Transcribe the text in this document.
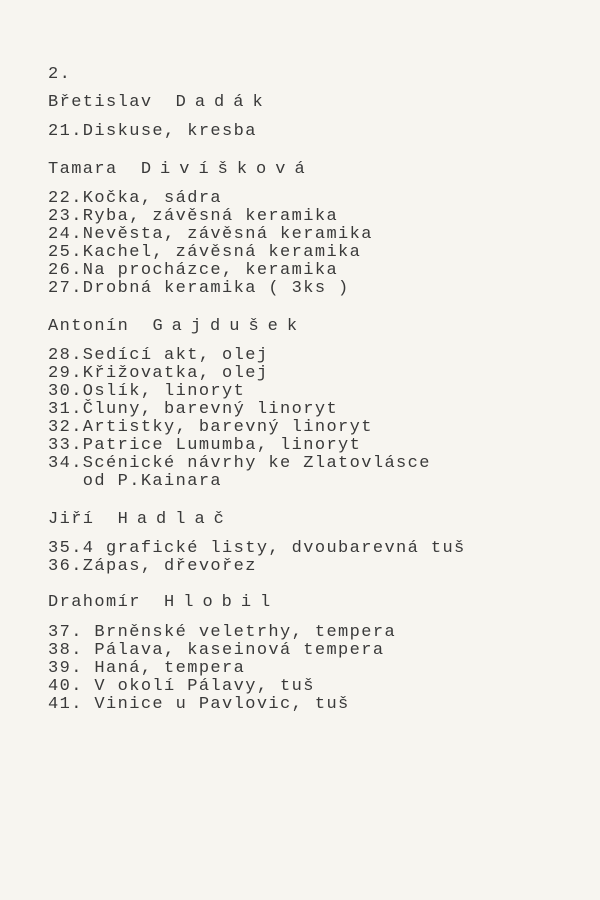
2.
Břetislav Dadák
21.Diskuse, kresba
Tamara Divíšková
22.Kočka, sádra
23.Ryba, závěsná keramika
24.Nevěsta, závěsná keramika
25.Kachel, závěsná keramika
26.Na procházce, keramika
27.Drobná keramika ( 3ks )
Antonín Gajdušek
28.Sedící akt, olej
29.Křižovatka, olej
30.Oslík, linoryt
31.Čluny, barevný linoryt
32.Artistky, barevný linoryt
33.Patrice Lumumba, linoryt
34.Scénické návrhy ke Zlatovlásce
od P.Kainara
Jiří Hadlač
35.4 grafické listy, dvoubarevná tuš
36.Zápas, dřevořez
Drahomír Hlobil
37. Brněnské veletrhy, tempera
38. Pálava, kaseinová tempera
39. Haná, tempera
40. V okolí Pálavy, tuš
41. Vinice u Pavlovic, tuš
